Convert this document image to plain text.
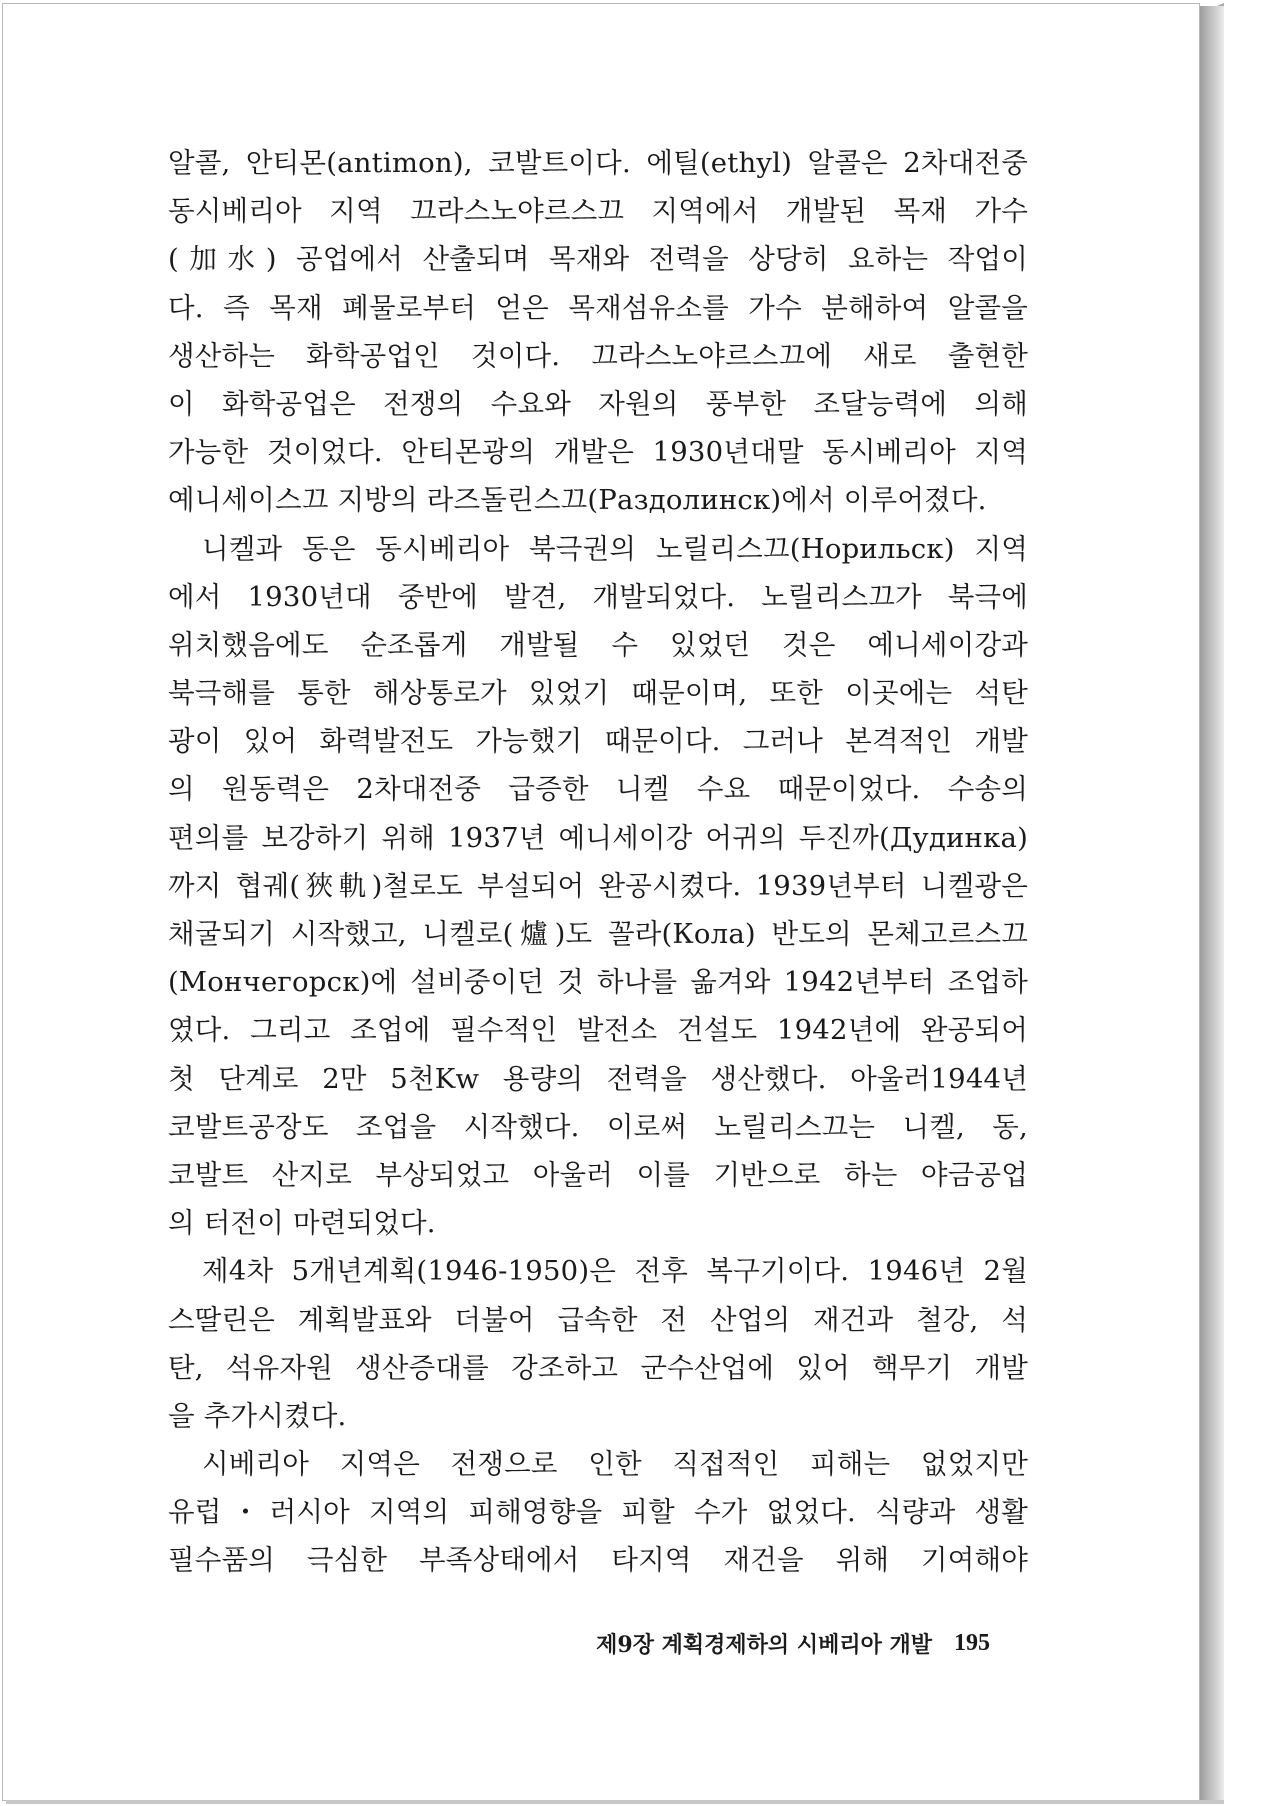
알콜, 안티몬(antimon), 코발트이다. 에틸(ethyl) 알콜은 2차대전중
동시베리아 지역 끄라스노야르스끄 지역에서 개발된 목재 가수
(加水) 공업에서 산출되며 목재와 전력을 상당히 요하는 작업이
다. 즉 목재 폐물로부터 얻은 목재섬유소를 가수 분해하여 알콜을
생산하는 화학공업인 것이다. 끄라스노야르스끄에 새로 출현한
이 화학공업은 전쟁의 수요와 자원의 풍부한 조달능력에 의해
가능한 것이었다. 안티몬광의 개발은 1930년대말 동시베리아 지역
예니세이스끄 지방의 라즈돌린스끄(Раздолинск)에서 이루어졌다.
니켈과 동은 동시베리아 북극권의 노릴리스끄(Норильск) 지역
에서 1930년대 중반에 발견, 개발되었다. 노릴리스끄가 북극에
위치했음에도 순조롭게 개발될 수 있었던 것은 예니세이강과
북극해를 통한 해상통로가 있었기 때문이며, 또한 이곳에는 석탄
광이 있어 화력발전도 가능했기 때문이다. 그러나 본격적인 개발
의 원동력은 2차대전중 급증한 니켈 수요 때문이었다. 수송의
편의를 보강하기 위해 1937년 예니세이강 어귀의 두진까(Дудинка)
까지 협궤(狹軌)철로도 부설되어 완공시켰다. 1939년부터 니켈광은
채굴되기 시작했고, 니켈로(爐)도 꼴라(Кола) 반도의 몬체고르스끄
(Мончегорск)에 설비중이던 것 하나를 옮겨와 1942년부터 조업하
였다. 그리고 조업에 필수적인 발전소 건설도 1942년에 완공되어
첫 단계로 2만 5천Kw 용량의 전력을 생산했다. 아울러1944년
코발트공장도 조업을 시작했다. 이로써 노릴리스끄는 니켈, 동,
코발트 산지로 부상되었고 아울러 이를 기반으로 하는 야금공업
의 터전이 마련되었다.
제4차 5개년계획(1946-1950)은 전후 복구기이다. 1946년 2월
스딸린은 계획발표와 더불어 급속한 전 산업의 재건과 철강, 석
탄, 석유자원 생산증대를 강조하고 군수산업에 있어 핵무기 개발
을 추가시켰다.
시베리아 지역은 전쟁으로 인한 직접적인 피해는 없었지만
유럽・러시아 지역의 피해영향을 피할 수가 없었다. 식량과 생활
필수품의 극심한 부족상태에서 타지역 재건을 위해 기여해야
제9장 계획경제하의 시베리아 개발 195
